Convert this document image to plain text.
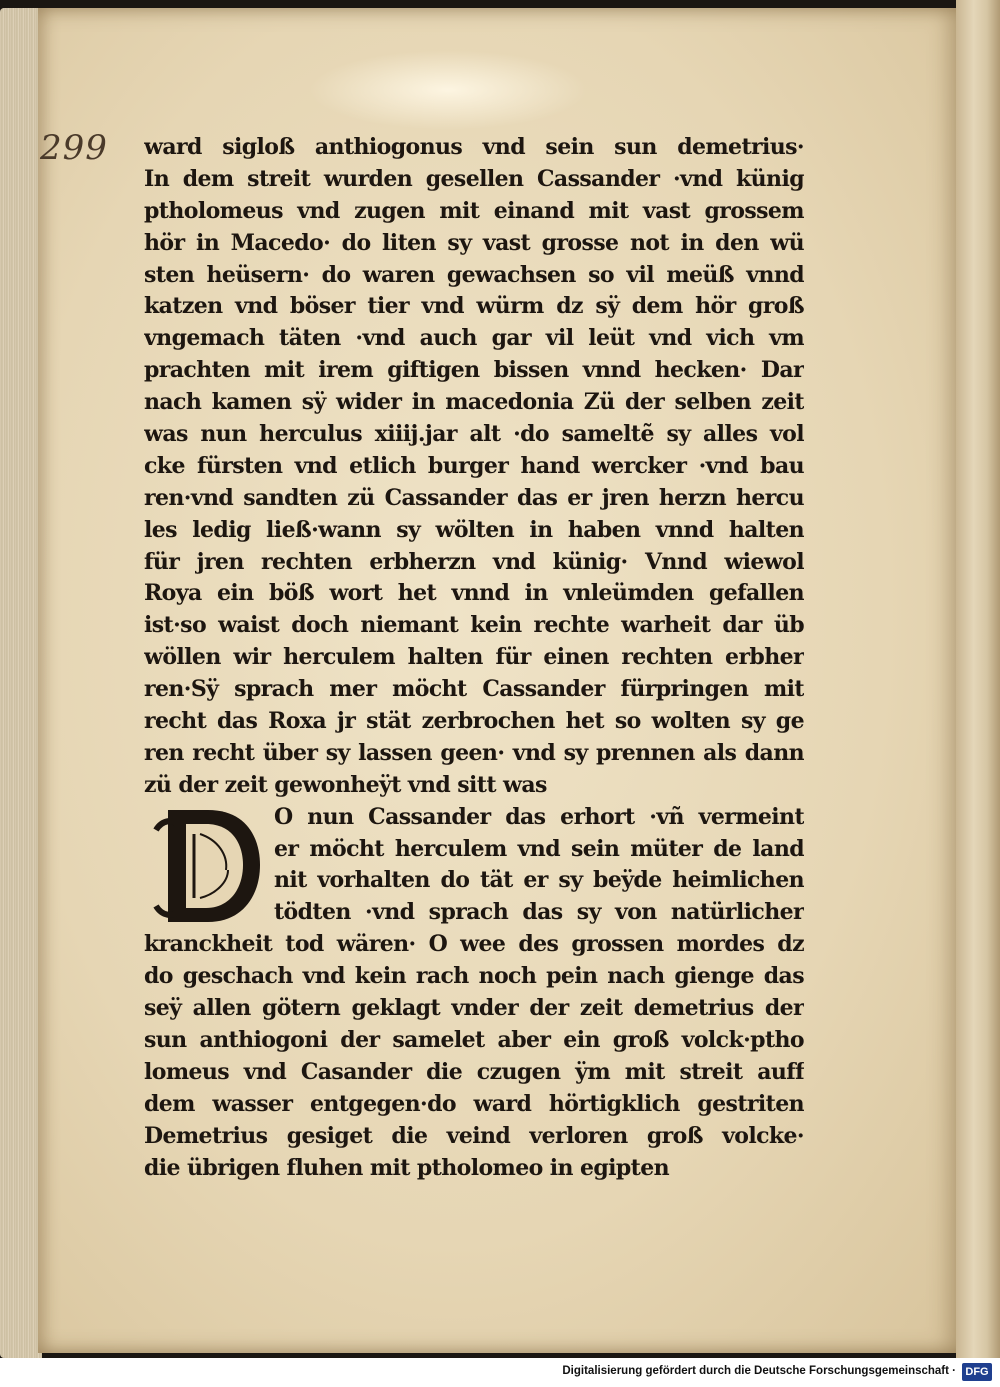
299 ward sigloß anthiogonus vnd sein sun demetrius·
In dem streit wurden gesellen Cassander ·vnd künig
ptholomeus vnd zugen mit einand mit vast grossem
hör in Macedo· do liten sy vast grosse not in den wü
sten heüsern· do waren gewachsen so vil meüß vnnd
katzen vnd böser tier vnd würm dz sÿ dem hör groß
vngemach täten ·vnd auch gar vil leüt vnd vich vm
prachten mit irem giftigen bissen vnnd hecken· Dar
nach kamen sÿ wider in macedonia Zü der selben zeit
was nun herculus xiiij.jar alt ·do sameltẽ sy alles vol
cke fürsten vnd etlich burger hand wercker ·vnd bau
ren·vnd sandten zü Cassander das er jren herzn hercu
les ledig ließ·wann sy wölten in haben vnnd halten
für jren rechten erbherzn vnd künig· Vnnd wiewol
Roya ein böß wort het vnnd in vnleümden gefallen
ist·so waist doch niemant kein rechte warheit dar üb
wöllen wir herculem halten für einen rechten erbher
ren·Sÿ sprach mer möcht Cassander fürpringen mit
recht das Roxa jr stät zerbrochen het so wolten sy ge
ren recht über sy lassen geen· vnd sy prennen als dann
zü der zeit gewonheÿt vnd sitt was
O nun Cassander das erhort ·vñ vermeint
er möcht herculem vnd sein müter de land
nit vorhalten do tät er sy beÿde heimlichen
tödten ·vnd sprach das sy von natürlicher
kranckheit tod wären· O wee des grossen mordes dz
do geschach vnd kein rach noch pein nach gienge das
seÿ allen götern geklagt vnder der zeit demetrius der
sun anthiogoni der samelet aber ein groß volck·ptho
lomeus vnd Casander die czugen ÿm mit streit auff
dem wasser entgegen·do ward hörtigklich gestriten
Demetrius gesiget die veind verloren groß volcke·
die übrigen fluhen mit ptholomeo in egipten
Digitalisierung gefördert durch die Deutsche Forschungsgemeinschaft · DFG
